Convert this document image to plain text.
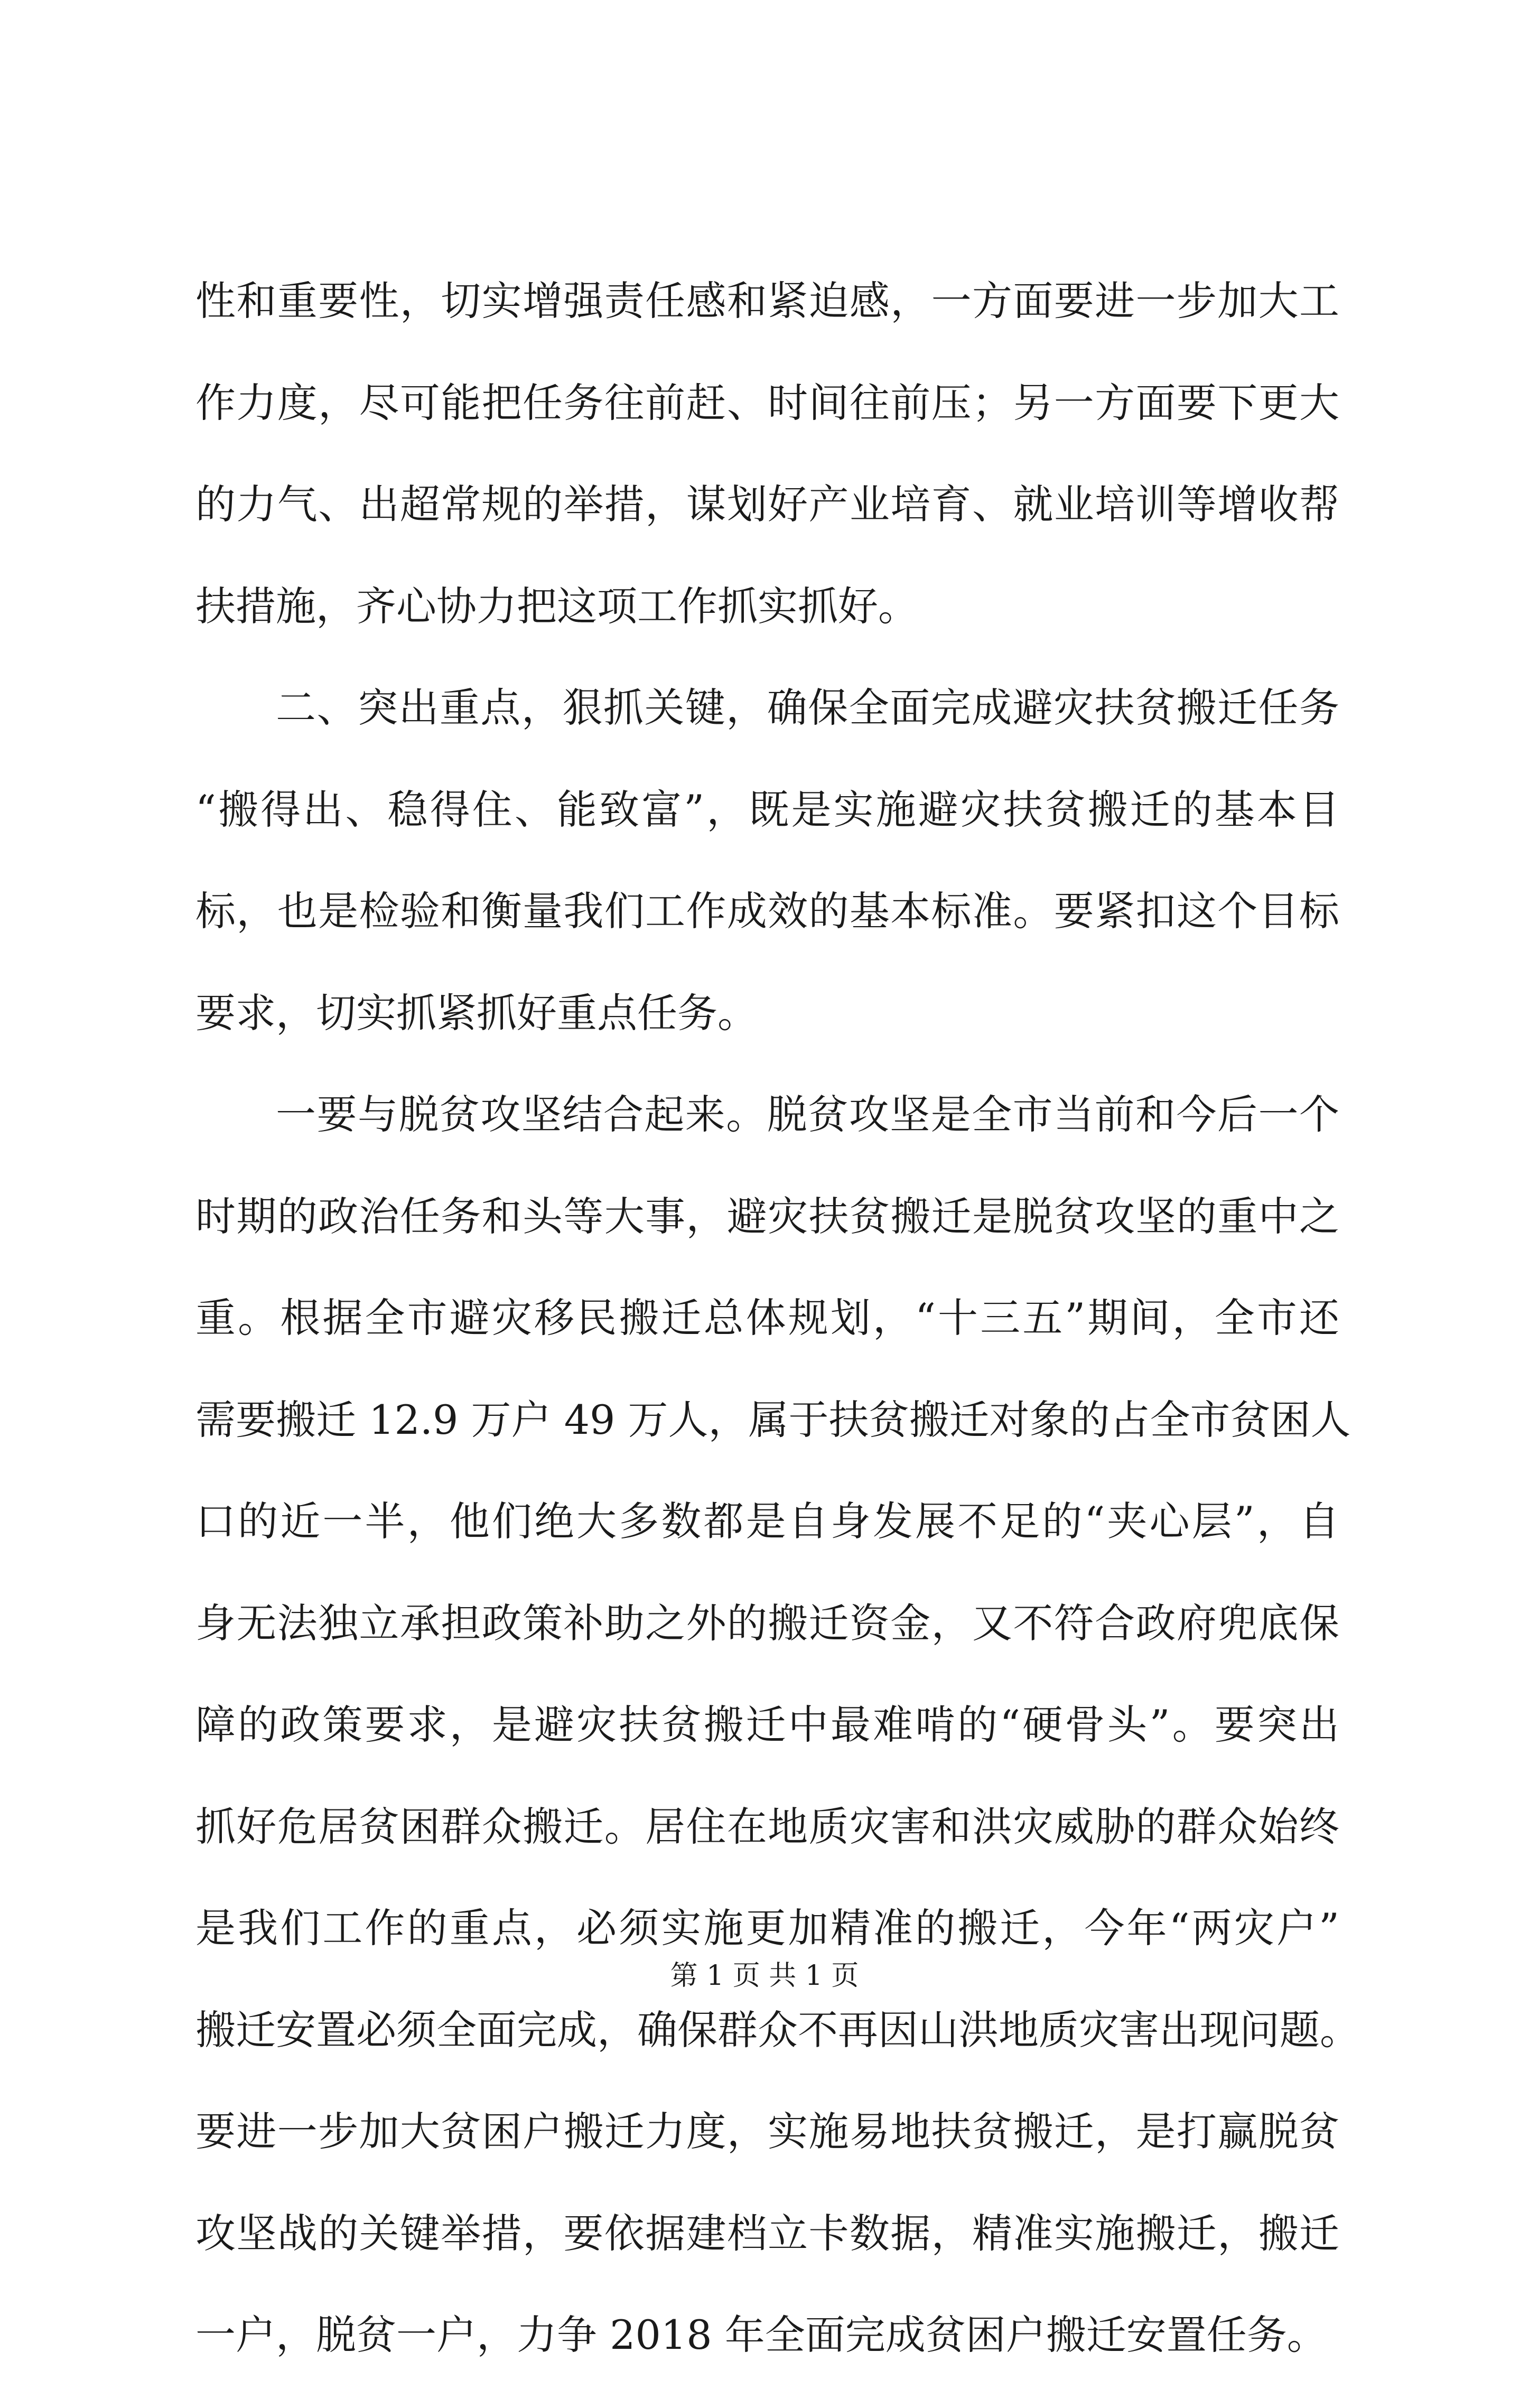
性和重要性，切实增强责任感和紧迫感，一方面要进一步加大工
作力度，尽可能把任务往前赶、时间往前压；另一方面要下更大
的力气、出超常规的举措，谋划好产业培育、就业培训等增收帮
扶措施，齐心协力把这项工作抓实抓好。
二、突出重点，狠抓关键，确保全面完成避灾扶贫搬迁任务
“搬得出、稳得住、能致富”，既是实施避灾扶贫搬迁的基本目
标，也是检验和衡量我们工作成效的基本标准。要紧扣这个目标
要求，切实抓紧抓好重点任务。
一要与脱贫攻坚结合起来。脱贫攻坚是全市当前和今后一个
时期的政治任务和头等大事，避灾扶贫搬迁是脱贫攻坚的重中之
重。根据全市避灾移民搬迁总体规划，“十三五”期间，全市还
需要搬迁 12.9 万户 49 万人，属于扶贫搬迁对象的占全市贫困人
口的近一半，他们绝大多数都是自身发展不足的“夹心层”，自
身无法独立承担政策补助之外的搬迁资金，又不符合政府兜底保
障的政策要求，是避灾扶贫搬迁中最难啃的“硬骨头”。要突出
抓好危居贫困群众搬迁。居住在地质灾害和洪灾威胁的群众始终
是我们工作的重点，必须实施更加精准的搬迁，今年“两灾户”
搬迁安置必须全面完成，确保群众不再因山洪地质灾害出现问题。
要进一步加大贫困户搬迁力度，实施易地扶贫搬迁，是打赢脱贫
攻坚战的关键举措，要依据建档立卡数据，精准实施搬迁，搬迁
一户，脱贫一户，力争 2018 年全面完成贫困户搬迁安置任务。
第 1 页 共 1 页
